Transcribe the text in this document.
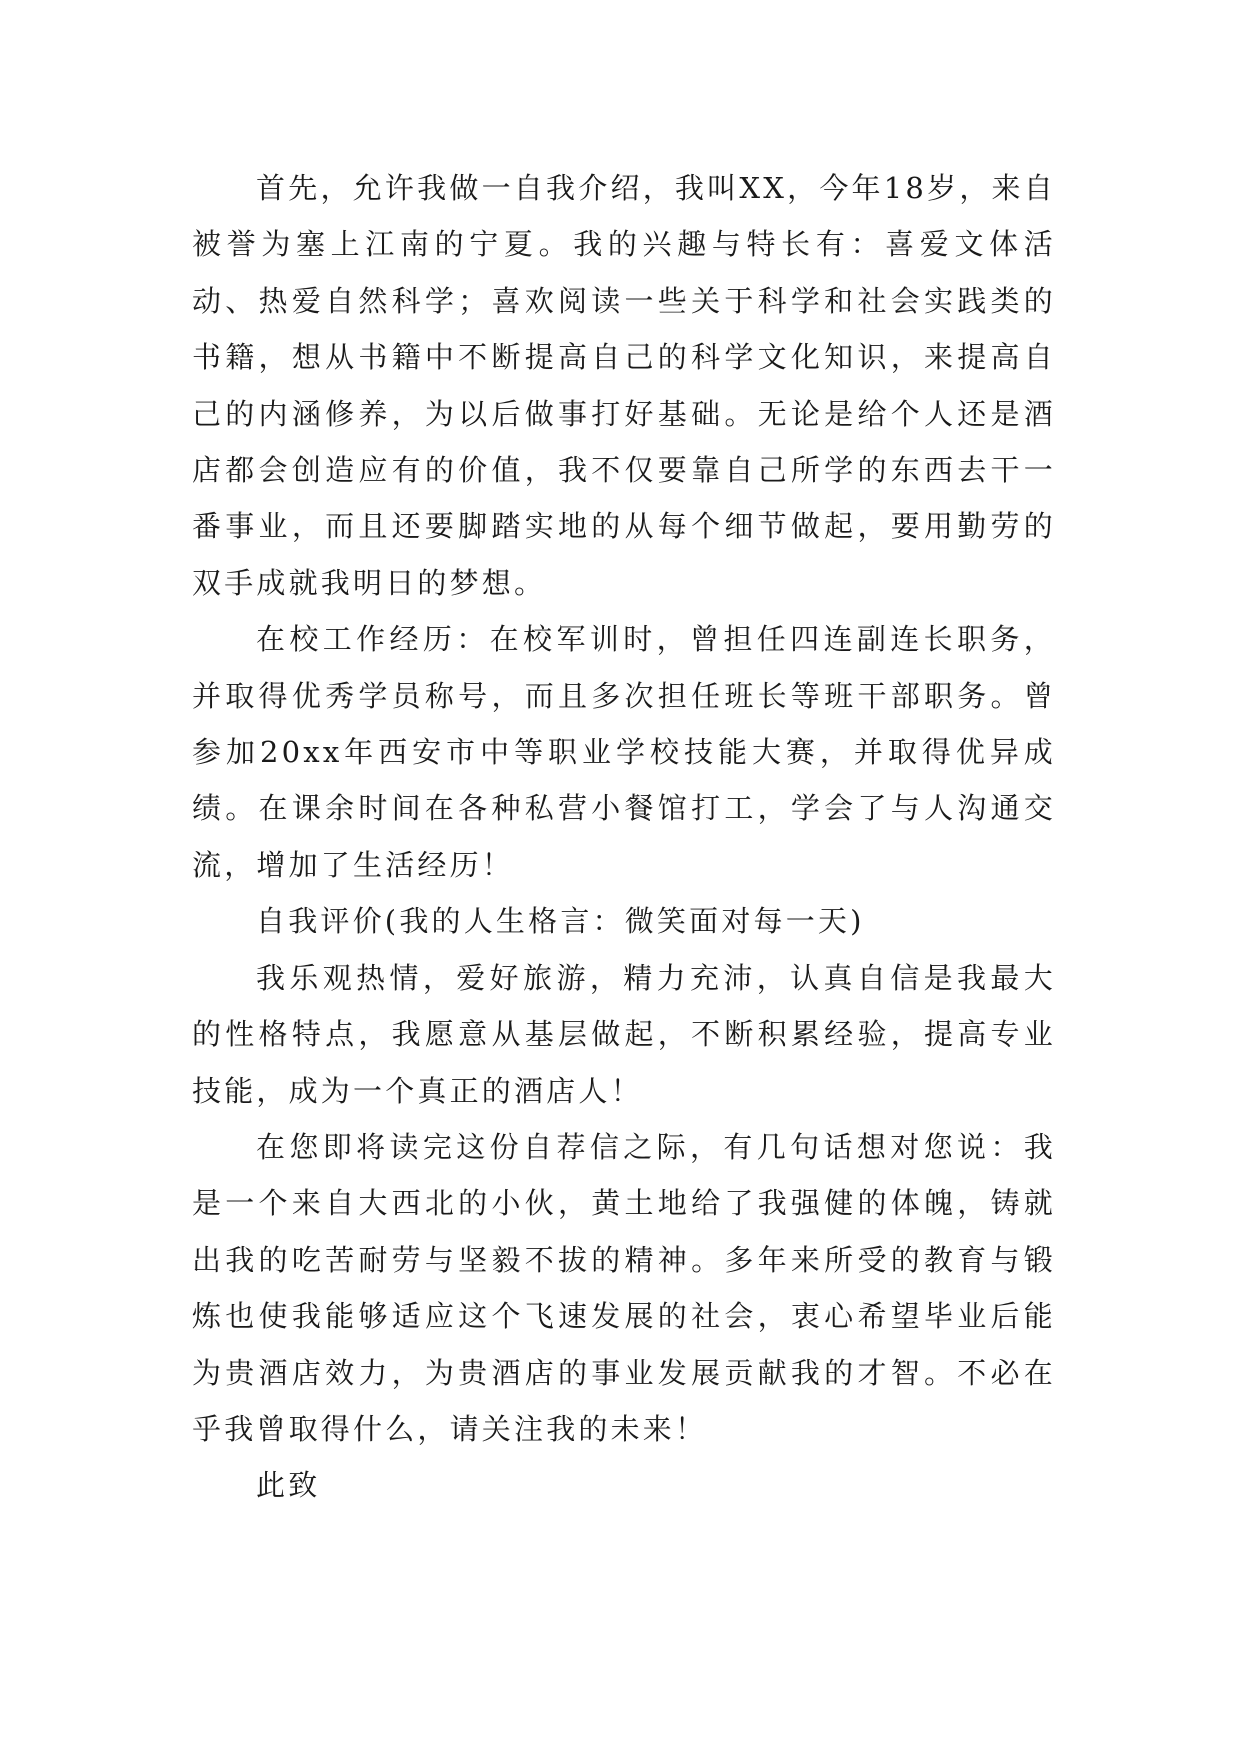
首先，允许我做一自我介绍，我叫XX，今年18岁，来自被誉为塞上江南的宁夏。我的兴趣与特长有：喜爱文体活动、热爱自然科学；喜欢阅读一些关于科学和社会实践类的书籍，想从书籍中不断提高自己的科学文化知识，来提高自己的内涵修养，为以后做事打好基础。无论是给个人还是酒店都会创造应有的价值，我不仅要靠自己所学的东西去干一番事业，而且还要脚踏实地的从每个细节做起，要用勤劳的双手成就我明日的梦想。

在校工作经历：在校军训时，曾担任四连副连长职务，并取得优秀学员称号，而且多次担任班长等班干部职务。曾参加20xx年西安市中等职业学校技能大赛，并取得优异成绩。在课余时间在各种私营小餐馆打工，学会了与人沟通交流，增加了生活经历！

自我评价(我的人生格言：微笑面对每一天)

我乐观热情，爱好旅游，精力充沛，认真自信是我最大的性格特点，我愿意从基层做起，不断积累经验，提高专业技能，成为一个真正的酒店人！

在您即将读完这份自荐信之际，有几句话想对您说：我是一个来自大西北的小伙，黄土地给了我强健的体魄，铸就出我的吃苦耐劳与坚毅不拔的精神。多年来所受的教育与锻炼也使我能够适应这个飞速发展的社会，衷心希望毕业后能为贵酒店效力，为贵酒店的事业发展贡献我的才智。不必在乎我曾取得什么，请关注我的未来！

此致
